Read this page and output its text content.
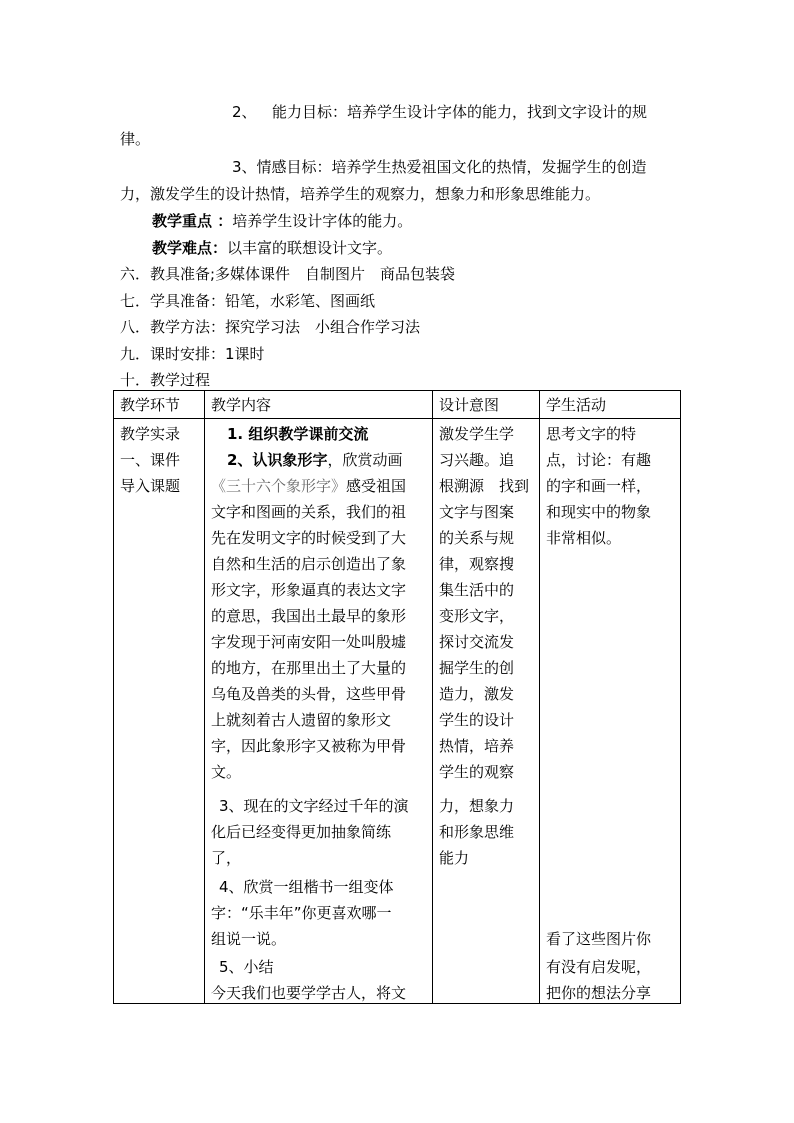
2、 能力目标：培养学生设计字体的能力，找到文字设计的规
律。
3、情感目标：培养学生热爱祖国文化的热情，发掘学生的创造
力，激发学生的设计热情，培养学生的观察力，想象力和形象思维能力。
教学重点 ：培养学生设计字体的能力。
教学难点：以丰富的联想设计文字。
六．教具准备;多媒体课件　自制图片　商品包装袋
七．学具准备：铅笔，水彩笔、图画纸
八．教学方法：探究学习法　小组合作学习法
九．课时安排：1课时
十．教学过程
教学环节 教学内容	设计意图	学生活动
教学实录
一、课件
导入课题
1. 组织教学课前交流
2、认识象形字，欣赏动画
《三十六个象形字》感受祖国
文字和图画的关系，我们的祖
先在发明文字的时候受到了大
自然和生活的启示创造出了象
形文字，形象逼真的表达文字
的意思，我国出土最早的象形
字发现于河南安阳一处叫殷墟
的地方，在那里出土了大量的
乌龟及兽类的头骨，这些甲骨
上就刻着古人遗留的象形文
字，因此象形字又被称为甲骨
文。
3、现在的文字经过千年的演
化后已经变得更加抽象简练
了，
4、欣赏一组楷书一组变体
字：“乐丰年”你更喜欢哪一
组说一说。
5、小结
今天我们也要学学古人，将文
激发学生学
习兴趣。追
根溯源　找到
文字与图案
的关系与规
律，观察搜
集生活中的
变形文字，
探讨交流发
掘学生的创
造力，激发
学生的设计
热情，培养
学生的观察
力，想象力
和形象思维
能力
思考文字的特
点，讨论：有趣
的字和画一样，
和现实中的物象
非常相似。
看了这些图片你
有没有启发呢，
把你的想法分享
